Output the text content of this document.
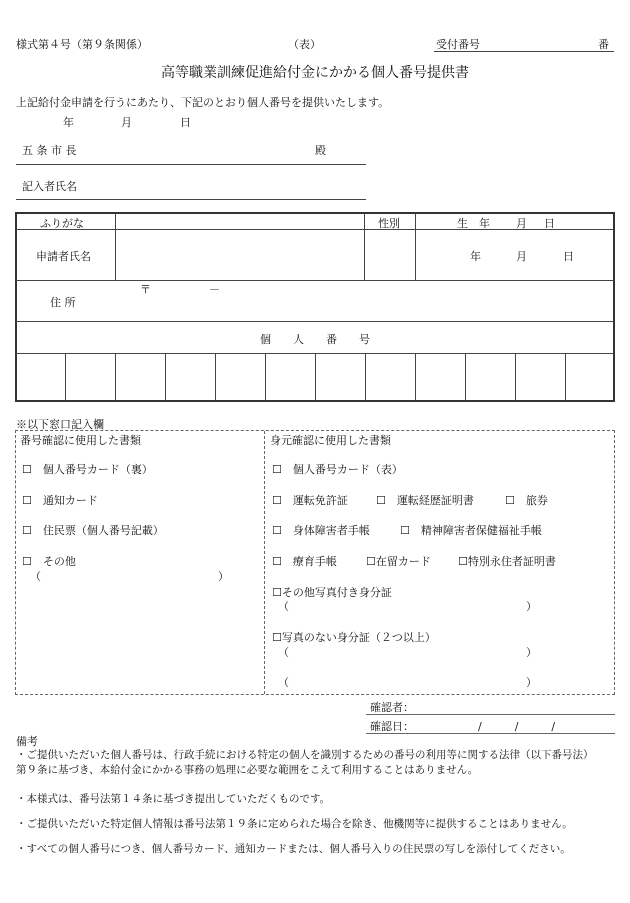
様式第４号（第９条関係）	（表）	受付番号	番
高等職業訓練促進給付金にかかる個人番号提供書
上記給付金申請を行うにあたり、下記のとおり個人番号を提供いたします。
年	月	日
五 条 市 長	殿
記入者氏名
ふりがな	性別	生　年 月 日
申請者氏名	年	月	日
〒	－
住 所
個　　人　　番　　号
※以下窓口記入欄
番号確認に使用した書類
☐　個人番号カード（裏）
☐　通知カード
☐　住民票（個人番号記載）
☐　その他
（	）
身元確認に使用した書類
☐　個人番号カード（表）
☐　運転免許証	☐　運転経歴証明書	☐　旅券
☐　身体障害者手帳	☐　精神障害者保健福祉手帳
☐　療育手帳	☐在留カード ☐特別永住者証明書
☐その他写真付き身分証
（	）
☐写真のない身分証（２つ以上）
（	）
（	）
確認者：
確認日：	/　　　/　　　/
備考
・ご提供いただいた個人番号は、行政手続における特定の個人を識別するための番号の利用等に関する法律（以下番号法）
第９条に基づき、本給付金にかかる事務の処理に必要な範囲をこえて利用することはありません。
・本様式は、番号法第１４条に基づき提出していただくものです。
・ご提供いただいた特定個人情報は番号法第１９条に定められた場合を除き、他機関等に提供することはありません。
・すべての個人番号につき、個人番号カード、通知カードまたは、個人番号入りの住民票の写しを添付してください。
